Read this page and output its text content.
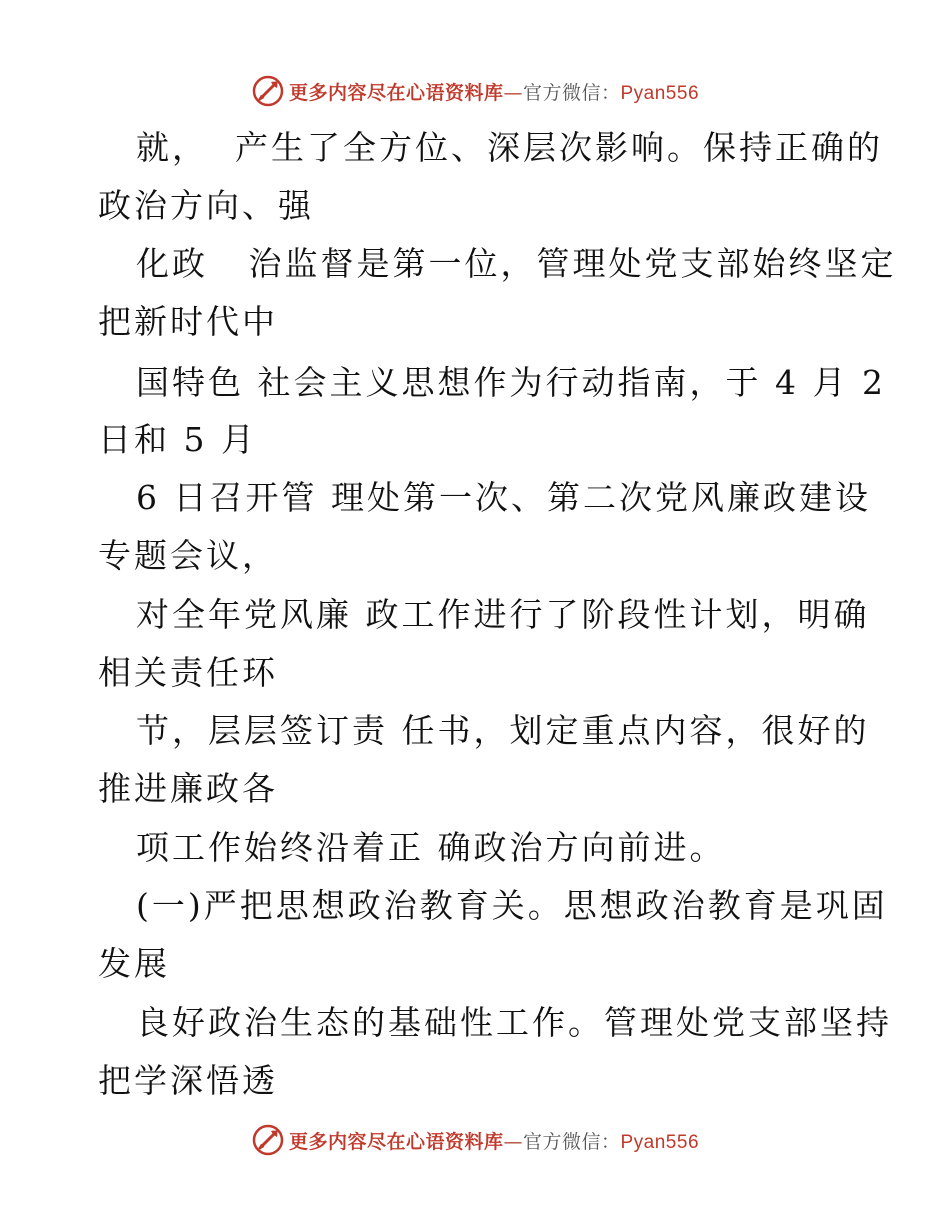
更多内容尽在心语资料库—官方微信：Pyan556
就，  产生了全方位、深层次影响。保持正确的
政治方向、强
化政   治监督是第一位，管理处党支部始终坚定
把新时代中
国特色 社会主义思想作为行动指南，于 4 月 2
日和 5 月
6 日召开管 理处第一次、第二次党风廉政建设
专题会议，
对全年党风廉 政工作进行了阶段性计划，明确
相关责任环
节，层层签订责 任书，划定重点内容，很好的
推进廉政各
项工作始终沿着正 确政治方向前进。
(一)严把思想政治教育关。思想政治教育是巩固
发展
良好政治生态的基础性工作。管理处党支部坚持
把学深悟透
更多内容尽在心语资料库—官方微信：Pyan556
